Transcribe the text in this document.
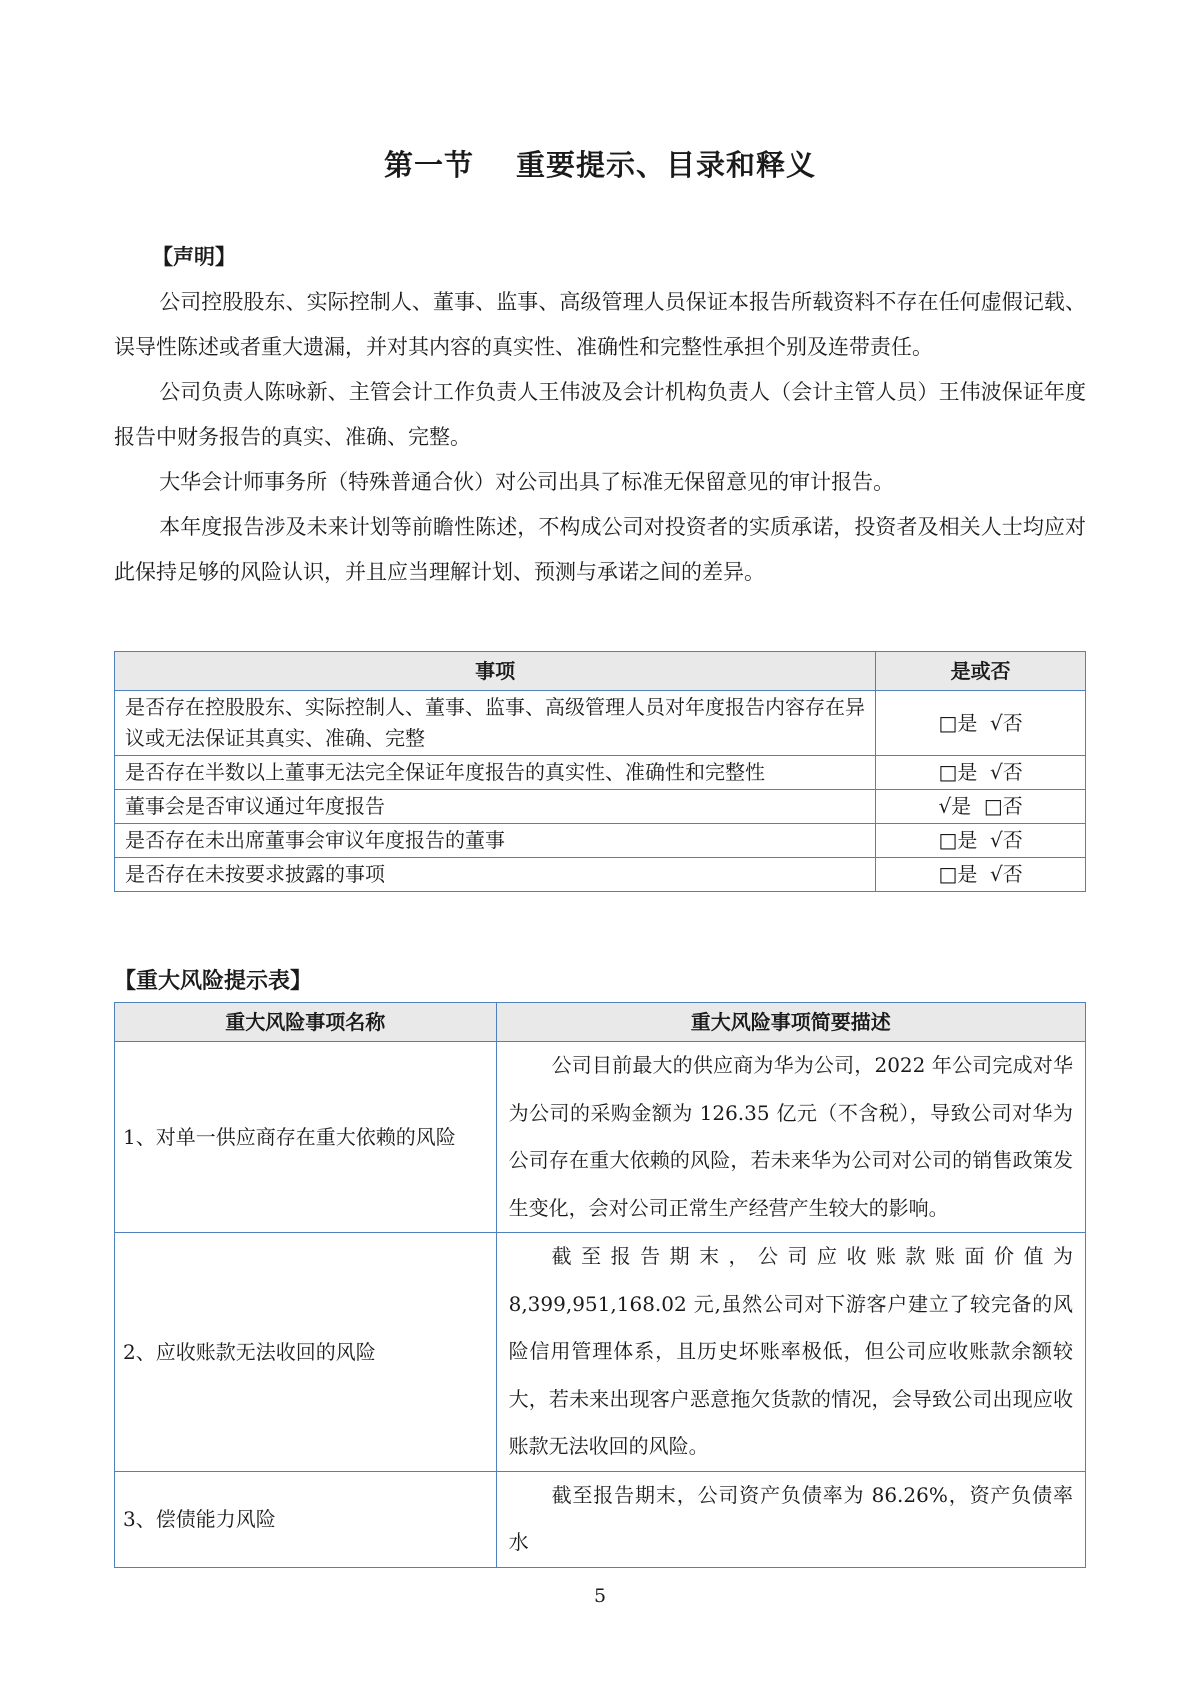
第一节 重要提示、目录和释义
【声明】

公司控股股东、实际控制人、董事、监事、高级管理人员保证本报告所载资料不存在任何虚假记载、误导性陈述或者重大遗漏，并对其内容的真实性、准确性和完整性承担个别及连带责任。

公司负责人陈咏新、主管会计工作负责人王伟波及会计机构负责人（会计主管人员）王伟波保证年度报告中财务报告的真实、准确、完整。

大华会计师事务所（特殊普通合伙）对公司出具了标准无保留意见的审计报告。

本年度报告涉及未来计划等前瞻性陈述，不构成公司对投资者的实质承诺，投资者及相关人士均应对此保持足够的风险认识，并且应当理解计划、预测与承诺之间的差异。

事项	是或否
是否存在控股股东、实际控制人、董事、监事、高级管理人员对年度报告内容存在异议或无法保证其真实、准确、完整	□是  √否
是否存在半数以上董事无法完全保证年度报告的真实性、准确性和完整性	□是  √否
董事会是否审议通过年度报告	√是  □否
是否存在未出席董事会审议年度报告的董事	□是  √否
是否存在未按要求披露的事项	□是  √否
【重大风险提示表】
重大风险事项名称	重大风险事项简要描述
1、对单一供应商存在重大依赖的风险	公司目前最大的供应商为华为公司，2022 年公司完成对华为公司的采购金额为 126.35 亿元（不含税），导致公司对华为公司存在重大依赖的风险，若未来华为公司对公司的销售政策发生变化，会对公司正常生产经营产生较大的影响。
2、应收账款无法收回的风险	截至报告期末，公司应收账款账面价值为 8,399,951,168.02 元,虽然公司对下游客户建立了较完备的风险信用管理体系，且历史坏账率极低，但公司应收账款余额较大，若未来出现客户恶意拖欠货款的情况，会导致公司出现应收账款无法收回的风险。
3、偿债能力风险	截至报告期末，公司资产负债率为 86.26%，资产负债率水
5
